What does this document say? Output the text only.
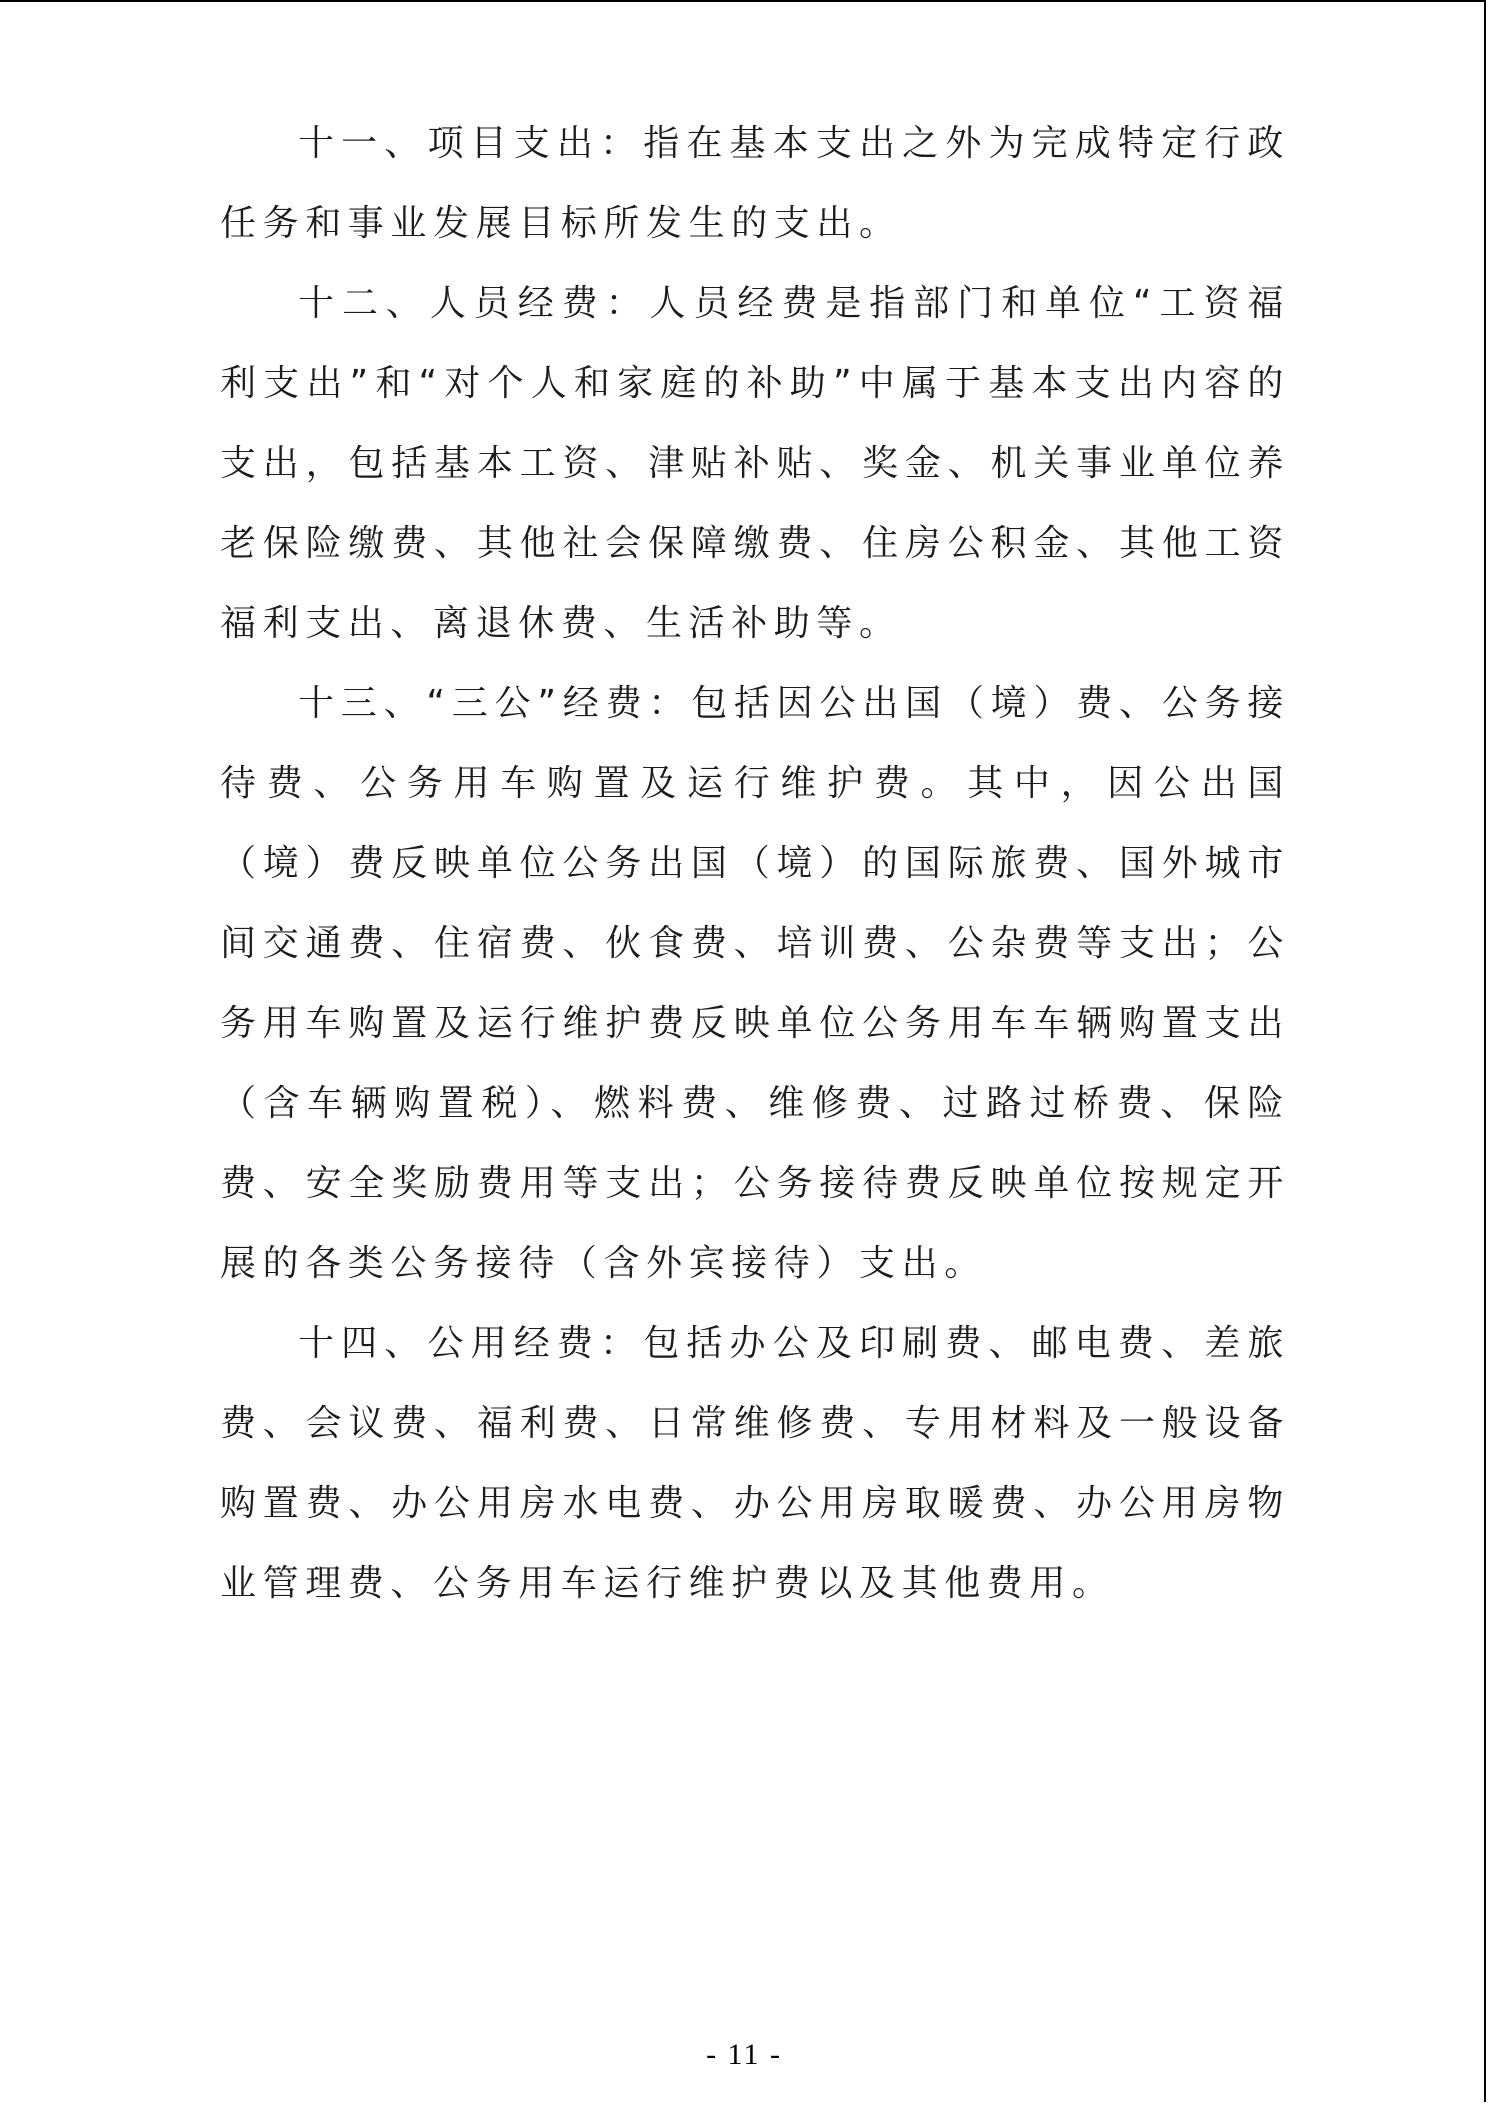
十一、项目支出：指在基本支出之外为完成特定行政任务和事业发展目标所发生的支出。

十二、人员经费：人员经费是指部门和单位“工资福利支出”和“对个人和家庭的补助”中属于基本支出内容的支出，包括基本工资、津贴补贴、奖金、机关事业单位养老保险缴费、其他社会保障缴费、住房公积金、其他工资福利支出、离退休费、生活补助等。

十三、“三公”经费：包括因公出国（境）费、公务接待费、公务用车购置及运行维护费。其中，因公出国（境）费反映单位公务出国（境）的国际旅费、国外城市间交通费、住宿费、伙食费、培训费、公杂费等支出；公务用车购置及运行维护费反映单位公务用车车辆购置支出（含车辆购置税）、燃料费、维修费、过路过桥费、保险费、安全奖励费用等支出；公务接待费反映单位按规定开展的各类公务接待（含外宾接待）支出。

十四、公用经费：包括办公及印刷费、邮电费、差旅费、会议费、福利费、日常维修费、专用材料及一般设备购置费、办公用房水电费、办公用房取暖费、办公用房物业管理费、公务用车运行维护费以及其他费用。

- 11 -
